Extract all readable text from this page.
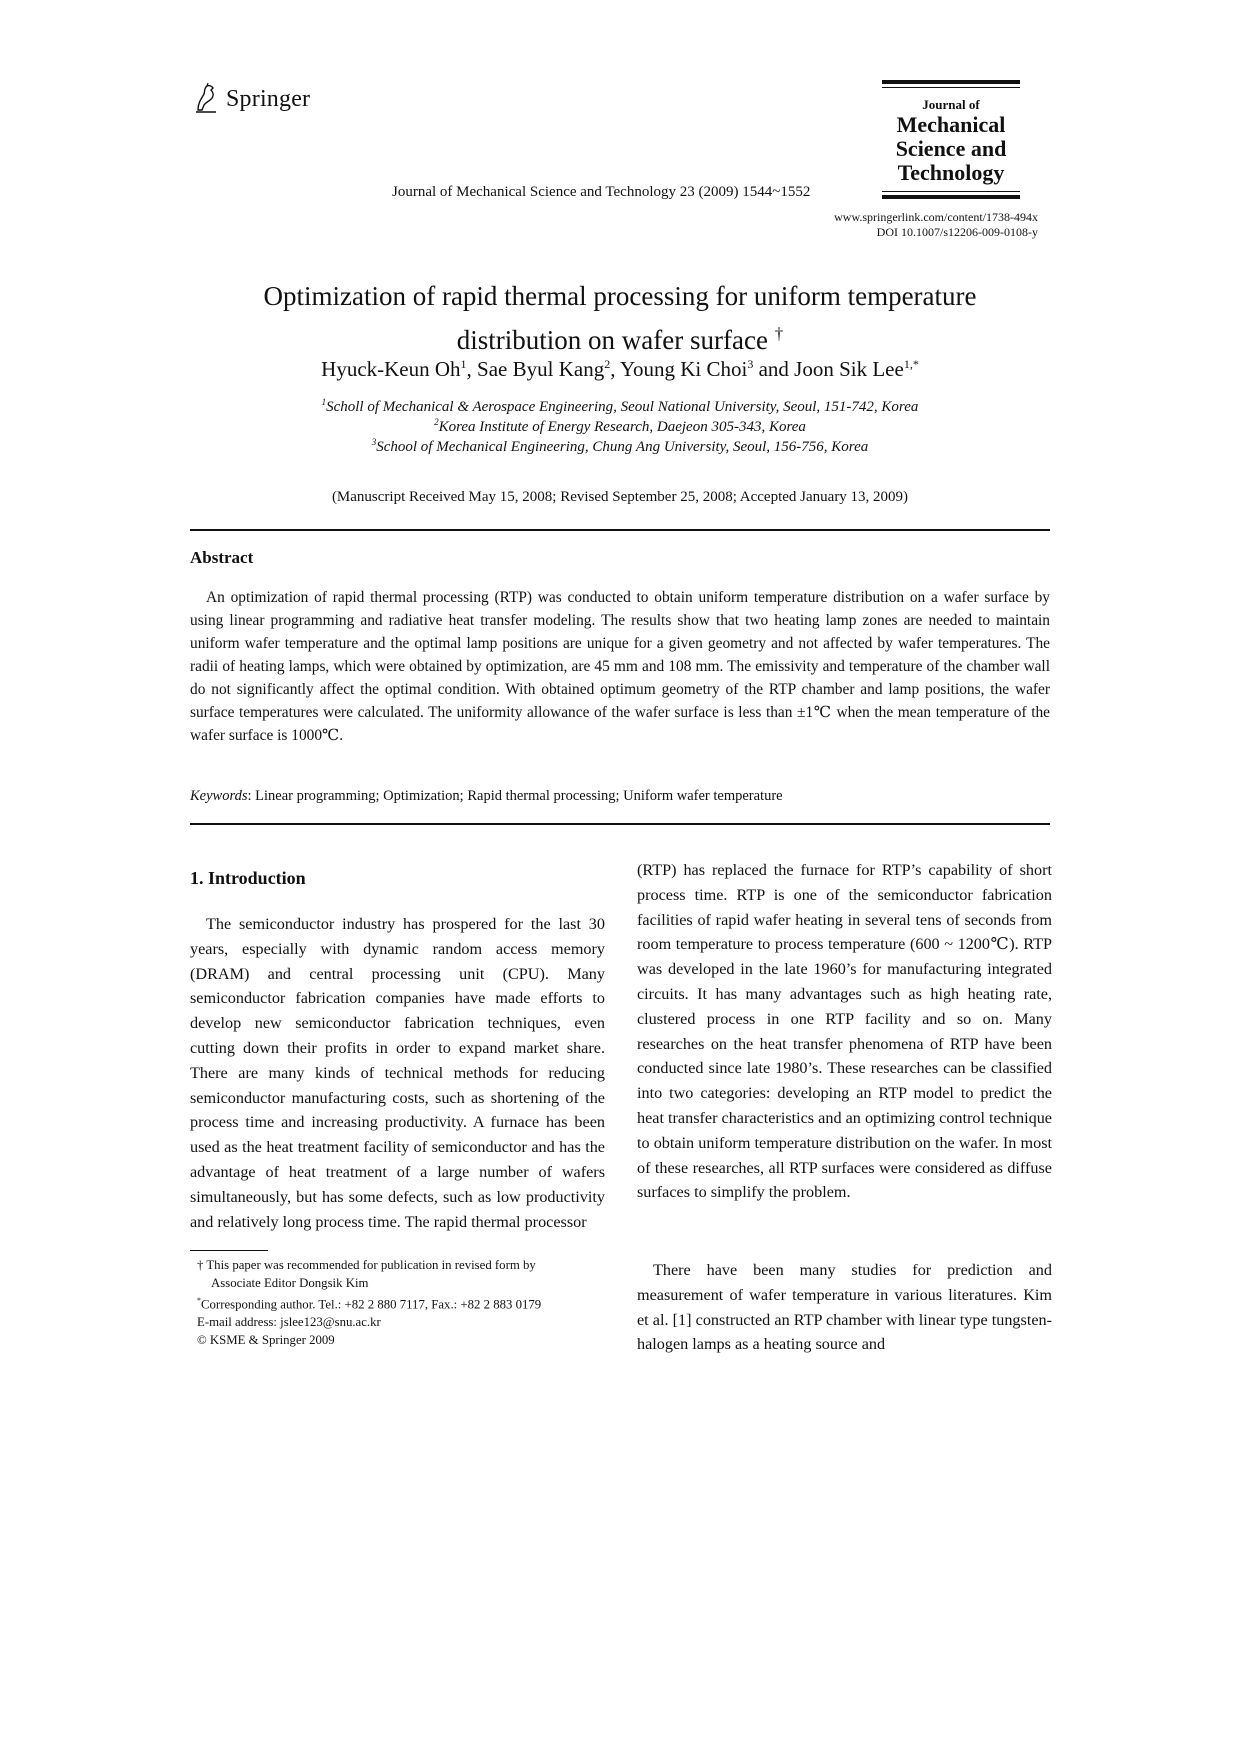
Springer
Journal of Mechanical Science and Technology 23 (2009) 1544~1552
Journal of
Mechanical
Science and
Technology
www.springerlink.com/content/1738-494x
DOI 10.1007/s12206-009-0108-y
Optimization of rapid thermal processing for uniform temperature
distribution on wafer surface †
Hyuck-Keun Oh$^1$, Sae Byul Kang$^2$, Young Ki Choi$^3$ and Joon Sik Lee$^{1,*}$
$^1$Scholl of Mechanical & Aerospace Engineering, Seoul National University, Seoul, 151-742, Korea
$^2$Korea Institute of Energy Research, Daejeon 305-343, Korea
$^3$School of Mechanical Engineering, Chung Ang University, Seoul, 156-756, Korea
(Manuscript Received May 15, 2008; Revised September 25, 2008; Accepted January 13, 2009)
Abstract
An optimization of rapid thermal processing (RTP) was conducted to obtain uniform temperature distribution on a wafer surface by using linear programming and radiative heat transfer modeling. The results show that two heating lamp zones are needed to maintain uniform wafer temperature and the optimal lamp positions are unique for a given geometry and not affected by wafer temperatures. The radii of heating lamps, which were obtained by optimization, are 45 mm and 108 mm. The emissivity and temperature of the chamber wall do not significantly affect the optimal condition. With obtained optimum geometry of the RTP chamber and lamp positions, the wafer surface temperatures were calculated. The uniformity allowance of the wafer surface is less than ±1℃ when the mean temperature of the wafer surface is 1000℃.
Keywords: Linear programming; Optimization; Rapid thermal processing; Uniform wafer temperature
1. Introduction
The semiconductor industry has prospered for the last 30 years, especially with dynamic random access memory (DRAM) and central processing unit (CPU). Many semiconductor fabrication companies have made efforts to develop new semiconductor fabrication techniques, even cutting down their profits in order to expand market share. There are many kinds of technical methods for reducing semiconductor manufacturing costs, such as shortening of the process time and increasing productivity. A furnace has been used as the heat treatment facility of semiconductor and has the advantage of heat treatment of a large number of wafers simultaneously, but has some defects, such as low productivity and relatively long process time. The rapid thermal processor
(RTP) has replaced the furnace for RTP’s capability of short process time. RTP is one of the semiconductor fabrication facilities of rapid wafer heating in several tens of seconds from room temperature to process temperature (600 ~ 1200℃). RTP was developed in the late 1960’s for manufacturing integrated circuits. It has many advantages such as high heating rate, clustered process in one RTP facility and so on. Many researches on the heat transfer phenomena of RTP have been conducted since late 1980’s. These researches can be classified into two categories: developing an RTP model to predict the heat transfer characteristics and an optimizing control technique to obtain uniform temperature distribution on the wafer. In most of these researches, all RTP surfaces were considered as diffuse surfaces to simplify the problem.
There have been many studies for prediction and measurement of wafer temperature in various literatures. Kim et al. [1] constructed an RTP chamber with linear type tungsten-halogen lamps as a heating source and
† This paper was recommended for publication in revised form by
Associate Editor Dongsik Kim
*Corresponding author. Tel.: +82 2 880 7117, Fax.: +82 2 883 0179
E-mail address: jslee123@snu.ac.kr
© KSME & Springer 2009
